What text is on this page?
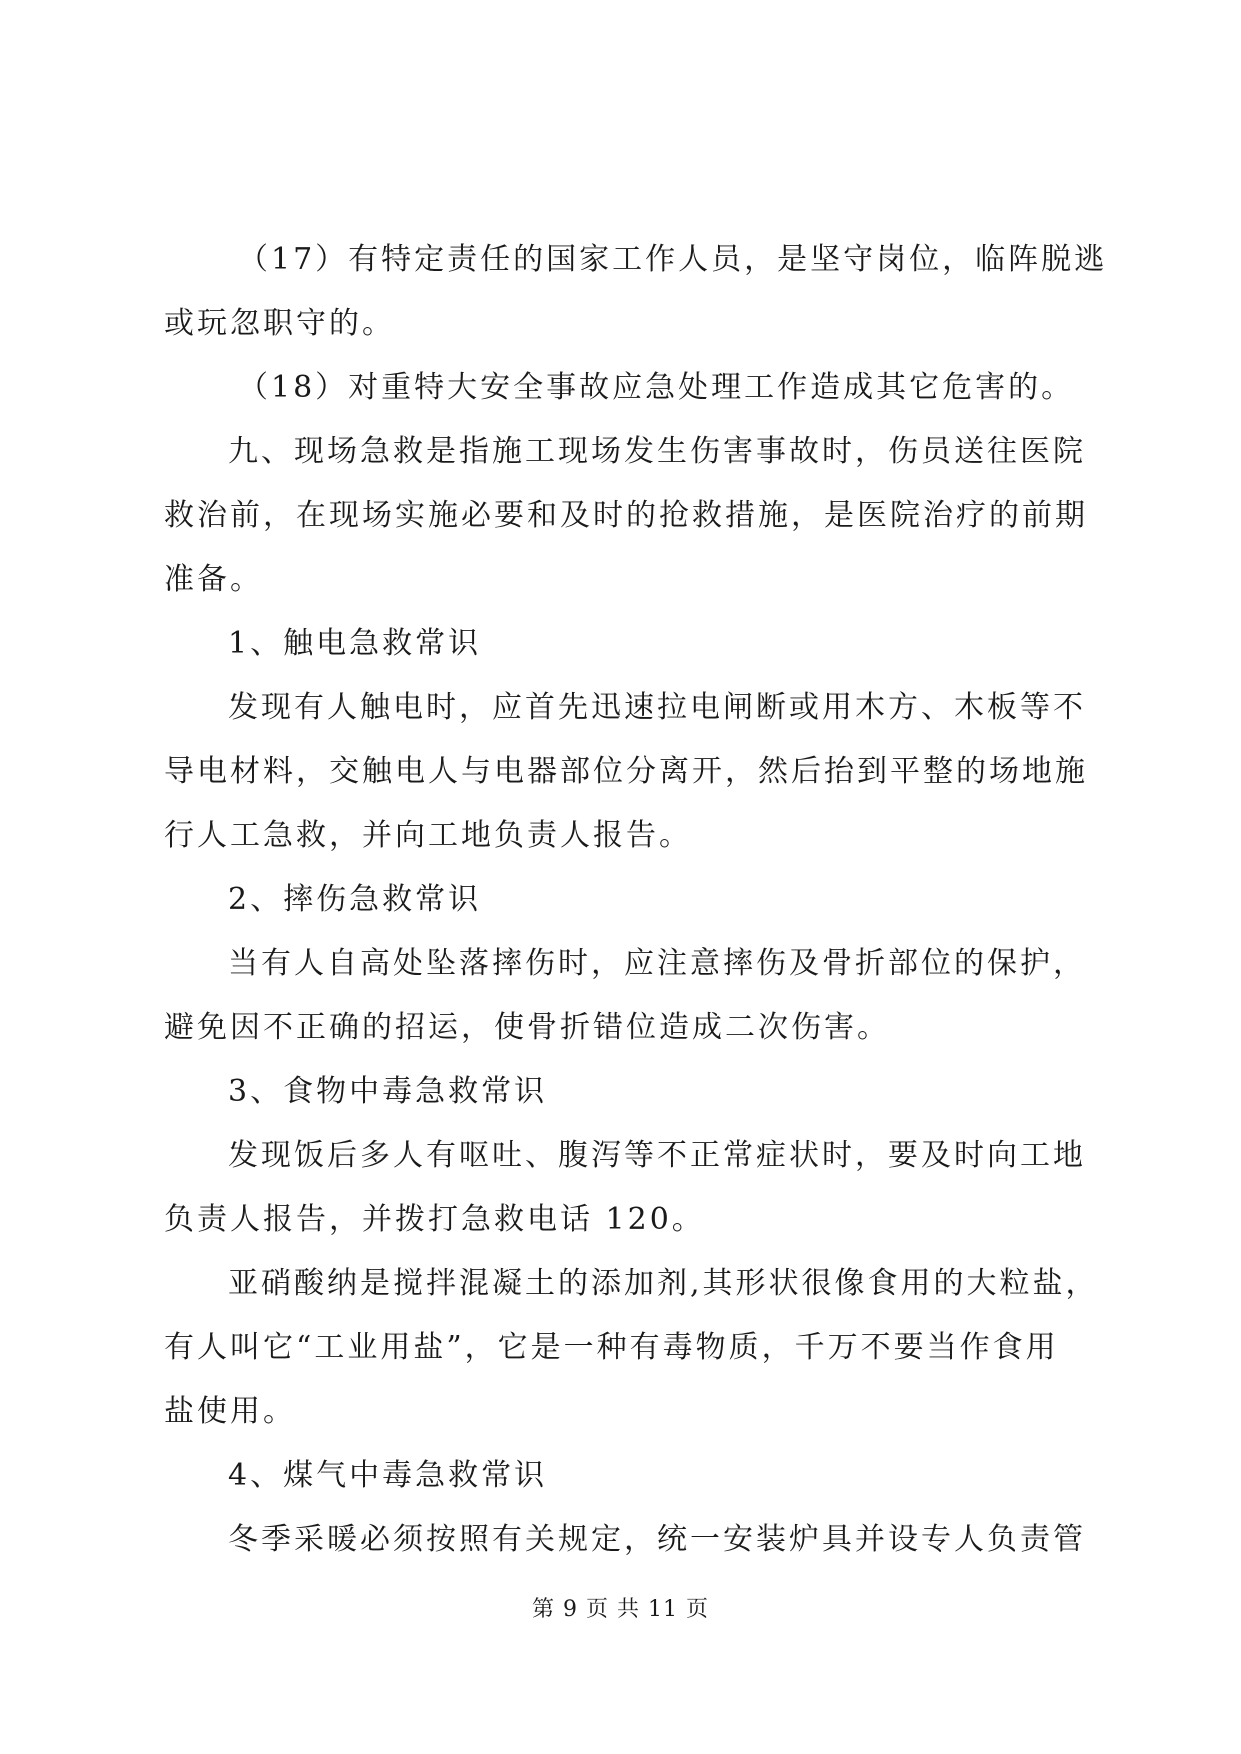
（17）有特定责任的国家工作人员，是坚守岗位，临阵脱逃
或玩忽职守的。
（18）对重特大安全事故应急处理工作造成其它危害的。
九、现场急救是指施工现场发生伤害事故时，伤员送往医院
救治前，在现场实施必要和及时的抢救措施，是医院治疗的前期
准备。
1、触电急救常识
发现有人触电时，应首先迅速拉电闸断或用木方、木板等不
导电材料，交触电人与电器部位分离开，然后抬到平整的场地施
行人工急救，并向工地负责人报告。
2、摔伤急救常识
当有人自高处坠落摔伤时，应注意摔伤及骨折部位的保护，
避免因不正确的招运，使骨折错位造成二次伤害。
3、食物中毒急救常识
发现饭后多人有呕吐、腹泻等不正常症状时，要及时向工地
负责人报告，并拨打急救电话 120。
亚硝酸纳是搅拌混凝土的添加剂,其形状很像食用的大粒盐，
有人叫它“工业用盐”，它是一种有毒物质，千万不要当作食用
盐使用。
4、煤气中毒急救常识
冬季采暖必须按照有关规定，统一安装炉具并设专人负责管
第 9 页 共 11 页
